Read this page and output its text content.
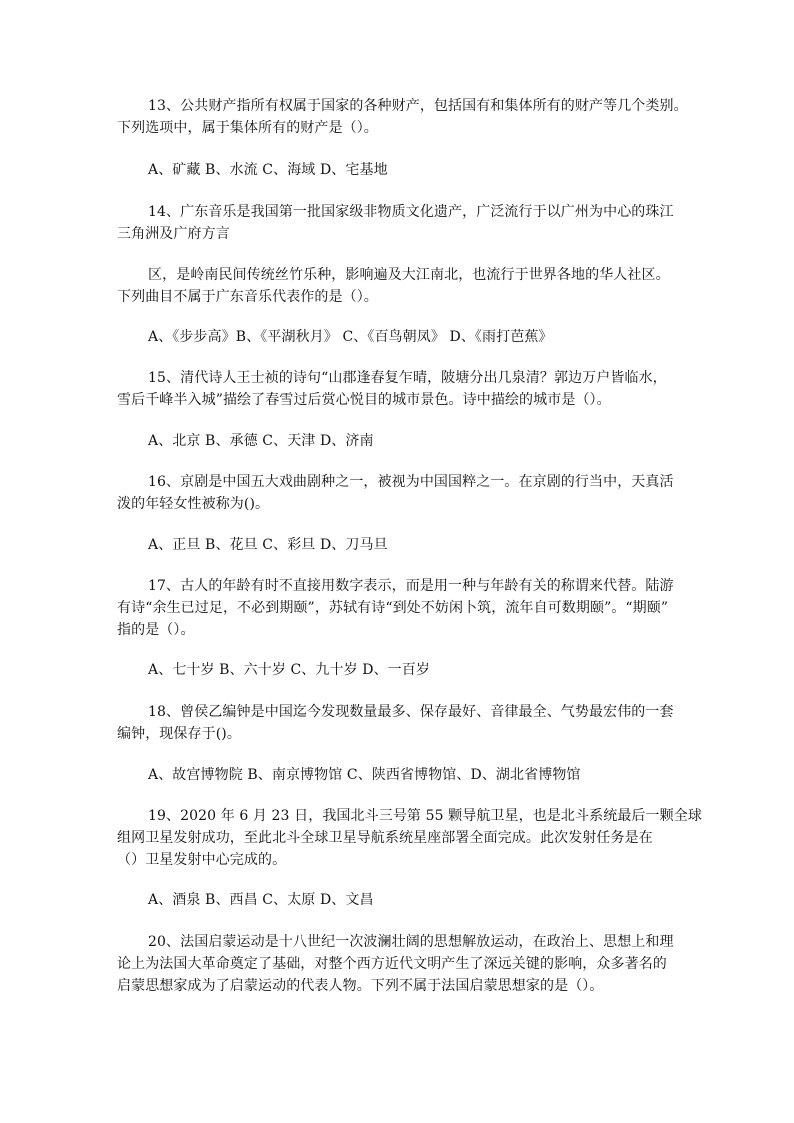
13、公共财产指所有权属于国家的各种财产，包括国有和集体所有的财产等几个类别。
下列选项中，属于集体所有的财产是（）。
A、矿藏 B、水流 C、海域 D、宅基地
14、广东音乐是我国第一批国家级非物质文化遗产，广泛流行于以广州为中心的珠江
三角洲及广府方言
区，是岭南民间传统丝竹乐种，影响遍及大江南北，也流行于世界各地的华人社区。
下列曲目不属于广东音乐代表作的是（）。
A、《步步高》B、《平湖秋月》 C、《百鸟朝凤》 D、《雨打芭蕉》
15、清代诗人王士祯的诗句“山郡逢春复乍晴，陂塘分出几泉清？郭边万户皆临水，
雪后千峰半入城”描绘了春雪过后赏心悦目的城市景色。诗中描绘的城市是（）。
A、北京 B、承德 C、天津 D、济南
16、京剧是中国五大戏曲剧种之一，被视为中国国粹之一。在京剧的行当中，天真活
泼的年轻女性被称为()。
A、正旦 B、花旦 C、彩旦 D、刀马旦
17、古人的年龄有时不直接用数字表示，而是用一种与年龄有关的称谓来代替。陆游
有诗“余生已过足，不必到期颐”，苏轼有诗“到处不妨闲卜筑，流年自可数期颐”。“期颐”
指的是（）。
A、七十岁 B、六十岁 C、九十岁 D、一百岁
18、曾侯乙编钟是中国迄今发现数量最多、保存最好、音律最全、气势最宏伟的一套
编钟，现保存于()。
A、故宫博物院 B、南京博物馆 C、陕西省博物馆、D、湖北省博物馆
19、2020 年 6 月 23 日，我国北斗三号第 55 颗导航卫星，也是北斗系统最后一颗全球
组网卫星发射成功，至此北斗全球卫星导航系统星座部署全面完成。此次发射任务是在
（）卫星发射中心完成的。
A、酒泉 B、西昌 C、太原 D、文昌
20、法国启蒙运动是十八世纪一次波澜壮阔的思想解放运动，在政治上、思想上和理
论上为法国大革命奠定了基础，对整个西方近代文明产生了深远关键的影响，众多著名的
启蒙思想家成为了启蒙运动的代表人物。下列不属于法国启蒙思想家的是（）。
